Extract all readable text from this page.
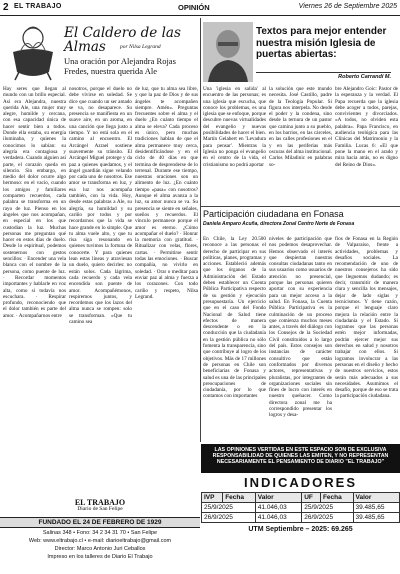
2 EL TRABAJO	OPINIÓN	Viernes 26 de Septiembre 2025
El Caldero de las Almas	por Nilsa Legrand
Una oración por Alejandra Rojas Fredes, nuestra querida Ale
Hay seres que llegan al mundo con un brillo especial. Así era Alejandra, nuestra querida Ale, una mujer muy alegre, humilde y cercana, con esa capacidad única de hacer sentir bien a todos. Donde ella estaba, su energía iluminaba, y quienes la conocimos lo sabían: su alegría era contagiosa y verdadera. Cuando alguien así parte, el corazón queda en silencio. Sin embargo, en medio del dolor ocurre algo hermoso: en el vacío, cuando los amigos y familiares comparten recuerdos, cada palabra se transforma en un rayo de luz. Pienso en los ángeles que nos acompañan, en especial en los que custodian la luz. Muchas personas me preguntan qué hacer en estos días de duelo. Desde lo espiritual, podemos sostenernos con gestos sencillos: · Encender una vela blanca con el nombre de la persona, como puente de luz. · Recordar momentos importantes y hablarle en voz alta, como si todavía nos escuchara. · Respirar profundo, reconociendo que el dolor también es parte del amor. · Acompañarnos entre
nosotros, porque el duelo no debe vivirse en soledad. Se dice que cuando un ser amado se va, no desaparece. Su presencia se manifiesta en un suave aire, en un aroma, en una canción que llega justo a tiempo. Y no está sola en el camino al encuentro. El Arcángel Azrael sostiene suavemente su tránsito. El Arcángel Miguel protege y da paz a quienes quedamos, y el ángel guardián sigue velando por cada uno de nosotros. Ese amor se transforma en luz, y esa luz nos acompaña también, con la vida. Hoy, desde estas palabras a Ale, su alegría, su humildad y su cariño por todos y por recordarnos que la vida se hace grande en lo simple. Que tu alma vuele alto, y que tu risa siga resonando en quienes tuvimos la fortuna de conocerte. Y para quienes lean estas líneas y atraviesan un duelo, quiero decirles: no están solos. Cada lágrima, cada recuerdo y cada vela encendida son puente de amor. Acompañémonos, respiremos juntos, y recordemos que los lazos del alma nunca se rompen: solo se transforman. «Que tu camino sea
de luz, que tu alma sea libre, y que la paz de Dios y de sus ángeles te acompañen siempre. Amén». Preguntas frecuentes sobre el alma y el duelo ¿En cuánto tiempo el alma se eleva? Cada proceso es único, pero muchas tradiciones hablan de que el alma permanece muy cerca, desidentificándose y en el ciclo de 40 días en que termina de desprenderse de lo terrenal. Durante ese tiempo, nuestras oraciones son un alimento de luz. ¿En cuánto tiempo «pasa» con nosotros? Aunque el alma avanza a la luz, su amor nunca se va. Su presencia se siente en señales, sueños y recuerdos. El vínculo permanece porque el amor es eterno. ¿Cómo acompañar el duelo? · Honrar la memoria con gratitud. · Ritualizar con velas, flores, cartas. · Permitirse sentir todas las emociones. · Buscar compañía, no vivirlo en soledad. · Orar o meditar para enviar paz al alma y fuerza a los corazones. Con todo cariño y respeto, Nilsa Legrand.
Textos para mejor entender nuestra misión Iglesia de puertas abiertas:
Roberto Carrandí M.
Una 'iglesia en salida' al encuentro de las personas; es una iglesia que escucha, que conoce los problemas, es una iglesia que se enfoque, porque descubre nuevas virtualidades del evangelio y nuevas posibilidades de hacer el bien. Martín Gelabert en 'Levadura para pensar'. Mientras la Iglesia no ponga el evangelio en el centro de la vida, el cristianismo no podrá aportar
la solución que este mundo necesita. José Castillo, padre de la Teología Popular. Si figura nos interpela. No desde el poder y la condena, sino desde la ternura de un pastor que camina junto a su pueblo, en los barrios, en las cárceles, en las calles profesiones en el y en las periferias más oscuras del alma institucional. Carlos Miladinic en palabras so-
bre Alejandro Goic: Pastor de la esperanza y la verdad. El Papa recuerda que la iglesia debe acoger a todos, parejas, convivientes y divorciados. «A todos, no olviden esta palabra». Papa Francisco, en audiencia teológica para las Clínicas del Matrimonio y la Familia. Lucas 6: «El que pone la mano en el arado y mira hacia atrás, no es digno del Reino de Dios».
Participación ciudadana en Fonasa
Daniela Amparo Acuña, directora Zonal Centro Norte de Fonasa
En Chile, la Ley 20.500 reconoce a las personas el derecho de participar en sus políticas, planes, programas y acciones. Estableció además que los órganos de la Administración del Estado deben establecer un Cuenta Pública Participativa respecto de su gestión y ejecución presupuestaria. Un ejercicio que en el caso del Fondo Nacional de Salud tiene efectos de manera descendente o en la conducción que la ciudadanía en la gestión pública no sólo fomenta la transparencia, sino que contribuye al logro de los objetivos. Más de 17 millones de personas en Chile son beneficiarias de Fonasa y salud es una de las principales preocupaciones de ciudadanía, por lo que contamos con importantes
niveles de participación que nos podemos desaprovechar. Hemos observado el interés que despiertan nuestras consultas ciudadanas tanto en sus usuarios como usuarios de atención no presencial, porque las personas quieren aportar con su experiencia para un mejor acceso a la salud. En Fonasa, la Cuenta Pública Participativa es la culminación de un proceso que comienza muchos meses antes, a través del diálogo con los Consejos de la Sociedad Civil constituidos a lo largo del país. Estos consejos son instancias de carácter consultivo que están conformados por diversos actores, representativas y pluralistas, por integrantes de organizaciones sociales sin fines de lucro con interés en nuestro quehacer. Como directora zonal me ha correspondido presentar los logros y desa-
fíos de Fonasa en la Región de Valparaíso, frente a actividades, problemas y desafíos sociales. La recomendación de uno de nuestros consejeros ha sido que lleguemos dudando; es decir, transmitir de manera clara y sencilla los mensajes, dejar de lado siglas y tecnicismos. Y tiene razón, porque el lenguaje claro mejora la relación entre la ciudadanía y el Estado. Si logramos que las personas estén mejor informadas, podrán ejercer mejor sus derechos en salud y nosotros trabajar con ellos. Si logramos involucrar a las personas en el diseño y hecho de nuestros servicios, estos serán más adecuados a sus necesidades. Asumimos el desafío, porque de eso se trata la participación ciudadana.
EL TRABAJO
Diario de San Felipe
FUNDADO EL 24 DE FEBRERO DE 1929
Salinas 348 • Fono: 34 2 34 31 70 • San Felipe
Web: www.eltrabajo.cl • e-mail: diarioeltrabajo@gmail.com
Director: Marco Antonio Juri Ceballos
Impreso en los talleres de Diario El Trabajo
LAS OPINIONES VERTIDAS EN ESTE ESPACIO SON DE EXCLUSIVA RESPONSABILIDAD DE QUIENES LAS EMITEN, Y NO REPRESENTAN NECESARIAMENTE EL PENSAMIENTO DE DIARIO "EL TRABAJO"
INDICADORES
IVP	Fecha	Valor	UF	Fecha	Valor
25/9/2025		41.046,03	25/9/2025		39.485,65
26/9/2025		41.046,03	26/9/2025		39.485,65
UTM Septiembre – 2025: 69.265
